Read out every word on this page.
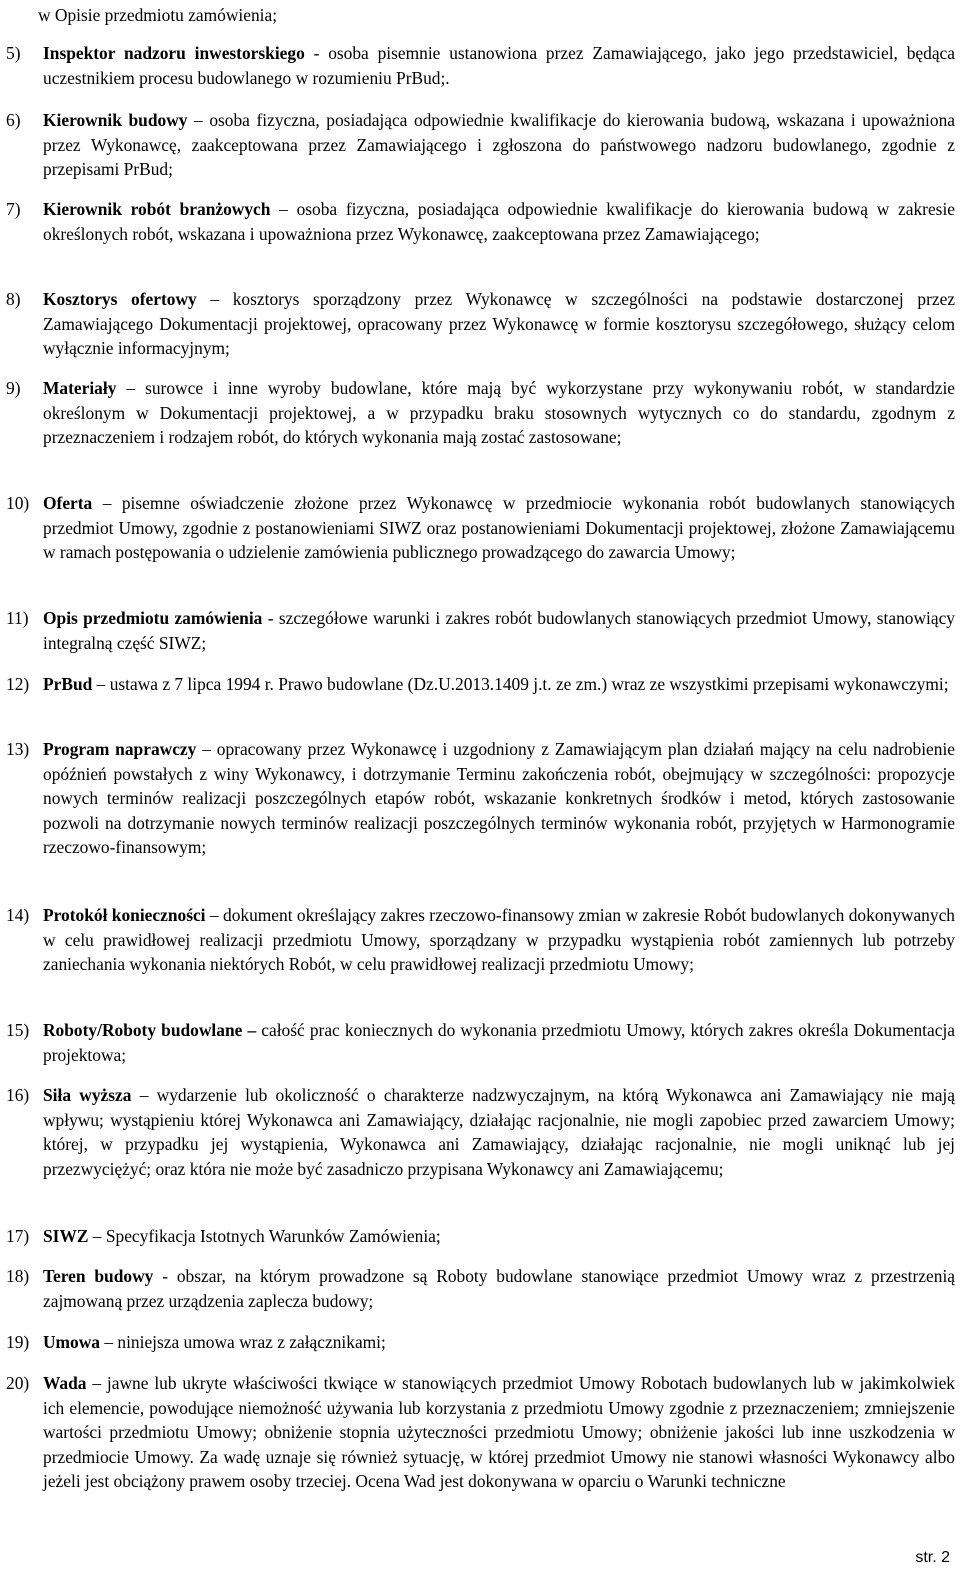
w Opisie przedmiotu zamówienia;
5) Inspektor nadzoru inwestorskiego - osoba pisemnie ustanowiona przez Zamawiającego, jako jego przedstawiciel, będąca uczestnikiem procesu budowlanego w rozumieniu PrBud;.
6) Kierownik budowy – osoba fizyczna, posiadająca odpowiednie kwalifikacje do kierowania budową, wskazana i upoważniona przez Wykonawcę, zaakceptowana przez Zamawiającego i zgłoszona do państwowego nadzoru budowlanego, zgodnie z przepisami PrBud;
7) Kierownik robót branżowych – osoba fizyczna, posiadająca odpowiednie kwalifikacje do kierowania budową w zakresie określonych robót, wskazana i upoważniona przez Wykonawcę, zaakceptowana przez Zamawiającego;
8) Kosztorys ofertowy – kosztorys sporządzony przez Wykonawcę w szczególności na podstawie dostarczonej przez Zamawiającego Dokumentacji projektowej, opracowany przez Wykonawcę w formie kosztorysu szczegółowego, służący celom wyłącznie informacyjnym;
9) Materiały – surowce i inne wyroby budowlane, które mają być wykorzystane przy wykonywaniu robót, w standardzie określonym w Dokumentacji projektowej, a w przypadku braku stosownych wytycznych co do standardu, zgodnym z przeznaczeniem i rodzajem robót, do których wykonania mają zostać zastosowane;
10) Oferta – pisemne oświadczenie złożone przez Wykonawcę w przedmiocie wykonania robót budowlanych stanowiących przedmiot Umowy, zgodnie z postanowieniami SIWZ oraz postanowieniami Dokumentacji projektowej, złożone Zamawiającemu w ramach postępowania o udzielenie zamówienia publicznego prowadzącego do zawarcia Umowy;
11) Opis przedmiotu zamówienia - szczegółowe warunki i zakres robót budowlanych stanowiących przedmiot Umowy, stanowiący integralną część SIWZ;
12) PrBud – ustawa z 7 lipca 1994 r. Prawo budowlane (Dz.U.2013.1409 j.t. ze zm.) wraz ze wszystkimi przepisami wykonawczymi;
13) Program naprawczy – opracowany przez Wykonawcę i uzgodniony z Zamawiającym plan działań mający na celu nadrobienie opóźnień powstałych z winy Wykonawcy, i dotrzymanie Terminu zakończenia robót, obejmujący w szczególności: propozycje nowych terminów realizacji poszczególnych etapów robót, wskazanie konkretnych środków i metod, których zastosowanie pozwoli na dotrzymanie nowych terminów realizacji poszczególnych terminów wykonania robót, przyjętych w Harmonogramie rzeczowo-finansowym;
14) Protokół konieczności – dokument określający zakres rzeczowo-finansowy zmian w zakresie Robót budowlanych dokonywanych w celu prawidłowej realizacji przedmiotu Umowy, sporządzany w przypadku wystąpienia robót zamiennych lub potrzeby zaniechania wykonania niektórych Robót, w celu prawidłowej realizacji przedmiotu Umowy;
15) Roboty/Roboty budowlane – całość prac koniecznych do wykonania przedmiotu Umowy, których zakres określa Dokumentacja projektowa;
16) Siła wyższa – wydarzenie lub okoliczność o charakterze nadzwyczajnym, na którą Wykonawca ani Zamawiający nie mają wpływu; wystąpieniu której Wykonawca ani Zamawiający, działając racjonalnie, nie mogli zapobiec przed zawarciem Umowy; której, w przypadku jej wystąpienia, Wykonawca ani Zamawiający, działając racjonalnie, nie mogli uniknąć lub jej przezwyciężyć; oraz która nie może być zasadniczo przypisana Wykonawcy ani Zamawiającemu;
17) SIWZ – Specyfikacja Istotnych Warunków Zamówienia;
18) Teren budowy - obszar, na którym prowadzone są Roboty budowlane stanowiące przedmiot Umowy wraz z przestrzenią zajmowaną przez urządzenia zaplecza budowy;
19) Umowa – niniejsza umowa wraz z załącznikami;
20) Wada – jawne lub ukryte właściwości tkwiące w stanowiących przedmiot Umowy Robotach budowlanych lub w jakimkolwiek ich elemencie, powodujące niemożność używania lub korzystania z przedmiotu Umowy zgodnie z przeznaczeniem; zmniejszenie wartości przedmiotu Umowy; obniżenie stopnia użyteczności przedmiotu Umowy; obniżenie jakości lub inne uszkodzenia w przedmiocie Umowy. Za wadę uznaje się również sytuację, w której przedmiot Umowy nie stanowi własności Wykonawcy albo jeżeli jest obciążony prawem osoby trzeciej. Ocena Wad jest dokonywana w oparciu o Warunki techniczne
str. 2
